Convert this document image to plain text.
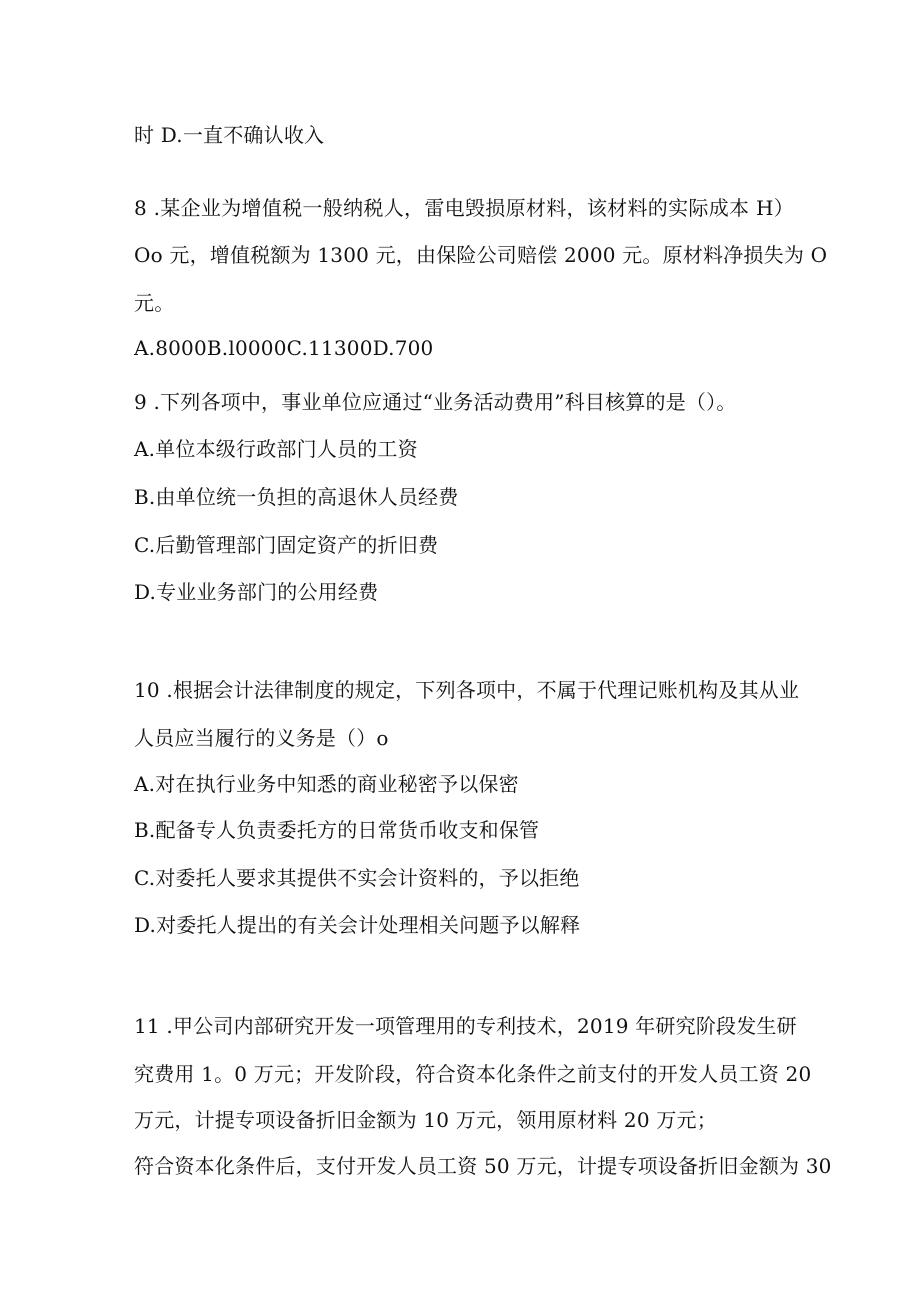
时 D.一直不确认收入
8 .某企业为增值税一般纳税人，雷电毁损原材料，该材料的实际成本 H）
Oo 元，增值税额为 1300 元，由保险公司赔偿 2000 元。原材料净损失为 O
元。
A.8000B.l0000C.11300D.700
9 .下列各项中，事业单位应通过“业务活动费用”科目核算的是（）。
A.单位本级行政部门人员的工资
B.由单位统一负担的高退休人员经费
C.后勤管理部门固定资产的折旧费
D.专业业务部门的公用经费
10 .根据会计法律制度的规定，下列各项中，不属于代理记账机构及其从业
人员应当履行的义务是（）o
A.对在执行业务中知悉的商业秘密予以保密
B.配备专人负责委托方的日常货币收支和保管
C.对委托人要求其提供不实会计资料的，予以拒绝
D.对委托人提出的有关会计处理相关问题予以解释
11 .甲公司内部研究开发一项管理用的专利技术，2019 年研究阶段发生研
究费用 1。0 万元；开发阶段，符合资本化条件之前支付的开发人员工资 20
万元，计提专项设备折旧金额为 10 万元，领用原材料 20 万元；
符合资本化条件后，支付开发人员工资 50 万元，计提专项设备折旧金额为 30
